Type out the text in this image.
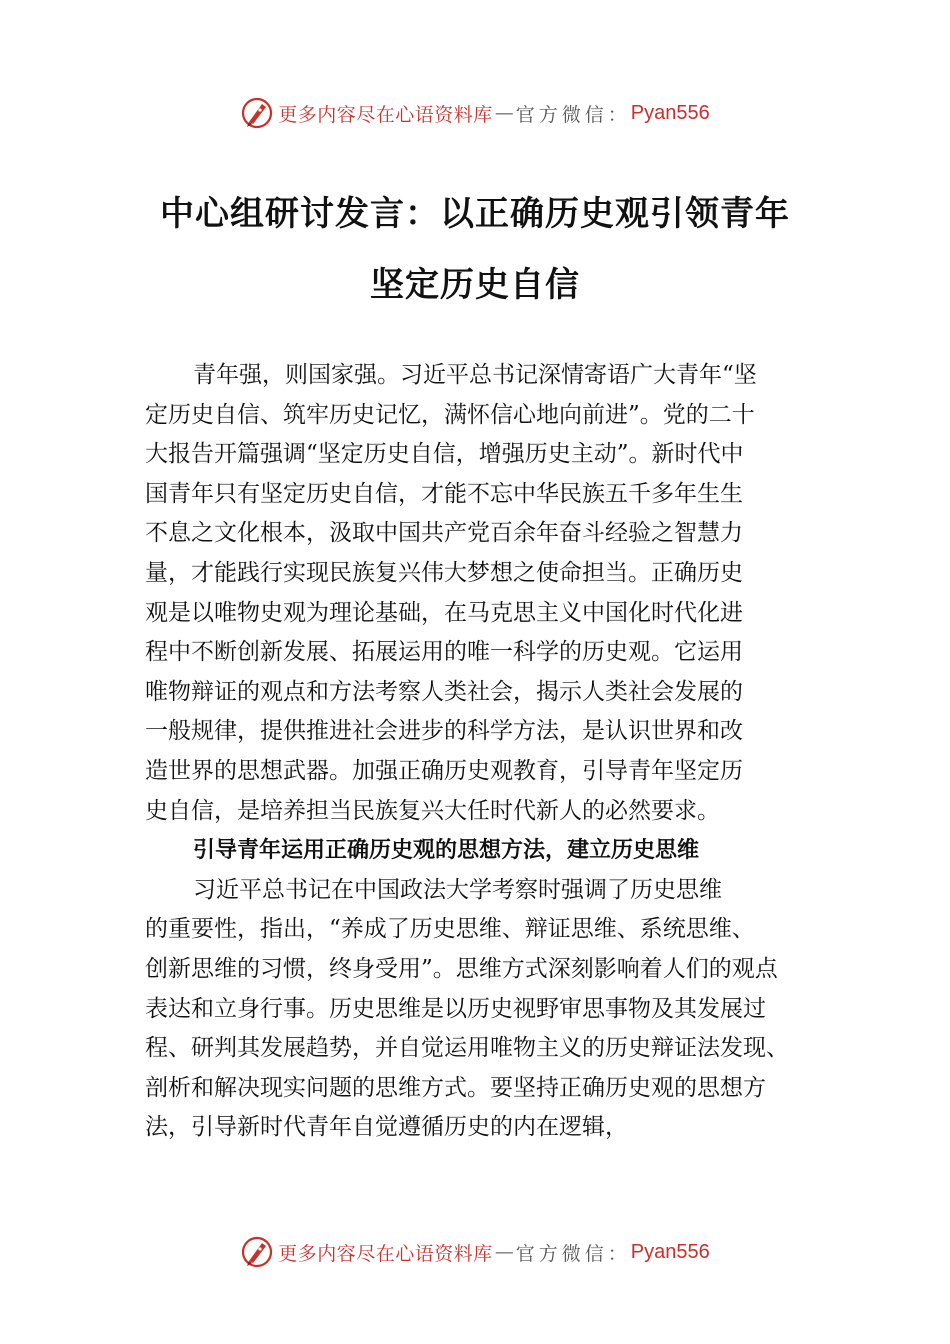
更多内容尽在心语资料库 — 官方微信 ： Pyan556
中心组研讨发言：以正确历史观引领青年
坚定历史自信
青年强，则国家强。习近平总书记深情寄语广大青年“坚
定历史自信、筑牢历史记忆，满怀信心地向前进”。党的二十
大报告开篇强调“坚定历史自信，增强历史主动”。新时代中
国青年只有坚定历史自信，才能不忘中华民族五千多年生生
不息之文化根本，汲取中国共产党百余年奋斗经验之智慧力
量，才能践行实现民族复兴伟大梦想之使命担当。正确历史
观是以唯物史观为理论基础，在马克思主义中国化时代化进
程中不断创新发展、拓展运用的唯一科学的历史观。它运用
唯物辩证的观点和方法考察人类社会，揭示人类社会发展的
一般规律，提供推进社会进步的科学方法，是认识世界和改
造世界的思想武器。加强正确历史观教育，引导青年坚定历
史自信，是培养担当民族复兴大任时代新人的必然要求。
引导青年运用正确历史观的思想方法，建立历史思维
习近平总书记在中国政法大学考察时强调了历史思维
的重要性，指出，“养成了历史思维、辩证思维、系统思维、
创新思维的习惯，终身受用”。思维方式深刻影响着人们的观点
表达和立身行事。历史思维是以历史视野审思事物及其发展过
程、研判其发展趋势，并自觉运用唯物主义的历史辩证法发现、
剖析和解决现实问题的思维方式。要坚持正确历史观的思想方
法，引导新时代青年自觉遵循历史的内在逻辑，
更多内容尽在心语资料库 — 官方微信 ： Pyan556
